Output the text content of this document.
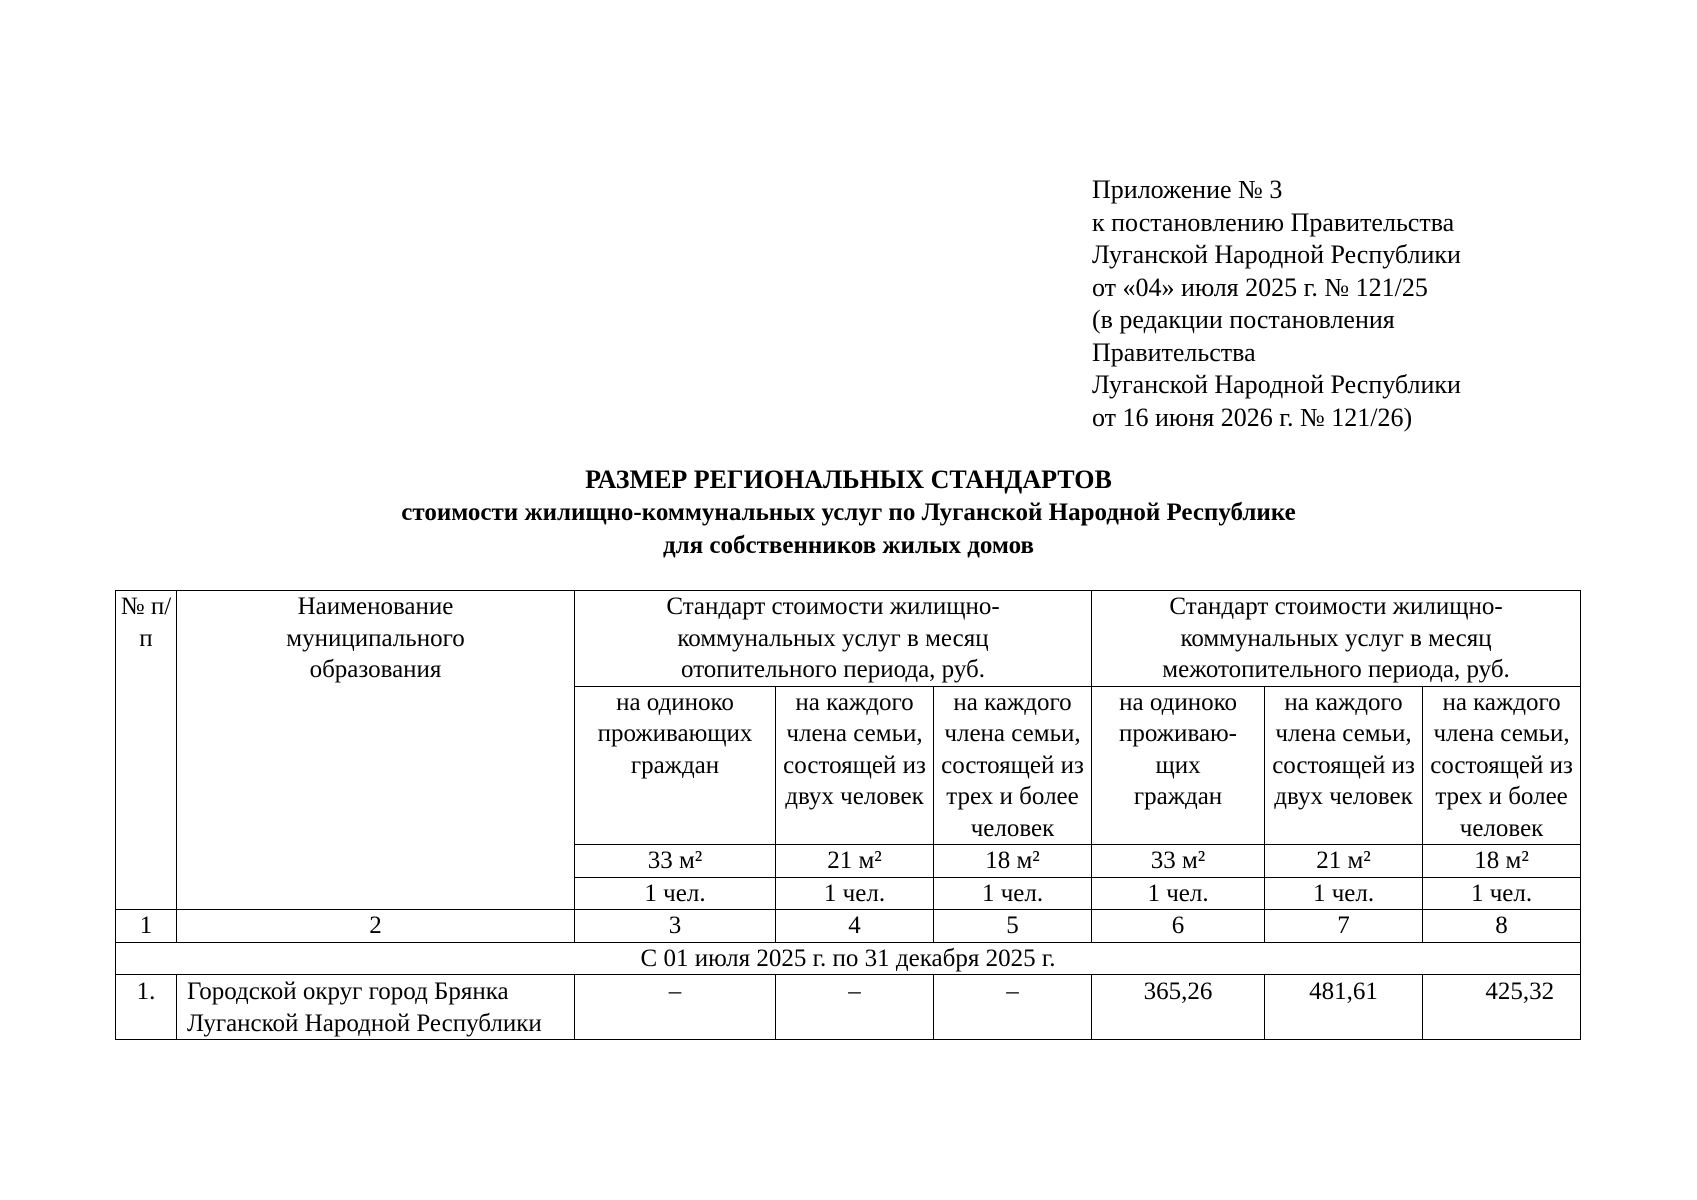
Приложение № 3
к постановлению Правительства
Луганской Народной Республики
от «04» июля 2025 г. № 121/25
(в редакции постановления
Правительства
Луганской Народной Республики
от 16 июня 2026 г. № 121/26)
РАЗМЕР РЕГИОНАЛЬНЫХ СТАНДАРТОВ
стоимости жилищно-коммунальных услуг по Луганской Народной Республике
для собственников жилых домов
№ п/п	Наименование муниципального образования	Стандарт стоимости жилищно-коммунальных услуг в месяц отопительного периода, руб.			Стандарт стоимости жилищно-коммунальных услуг в месяц межотопительного периода, руб.		
		на одиноко проживающих граждан	на каждого члена семьи, состоящей из двух человек	на каждого члена семьи, состоящей из трех и более человек	на одиноко проживаю-щих граждан	на каждого члена семьи, состоящей из двух человек	на каждого члена семьи, состоящей из трех и более человек
		33 м²	21 м²	18 м²	33 м²	21 м²	18 м²
		1 чел.	1 чел.	1 чел.	1 чел.	1 чел.	1 чел.
1	2	3	4	5	6	7	8
С 01 июля 2025 г. по 31 декабря 2025 г.							
1.	Городской округ город Брянка Луганской Народной Республики	–	–	–	365,26	481,61	425,32
